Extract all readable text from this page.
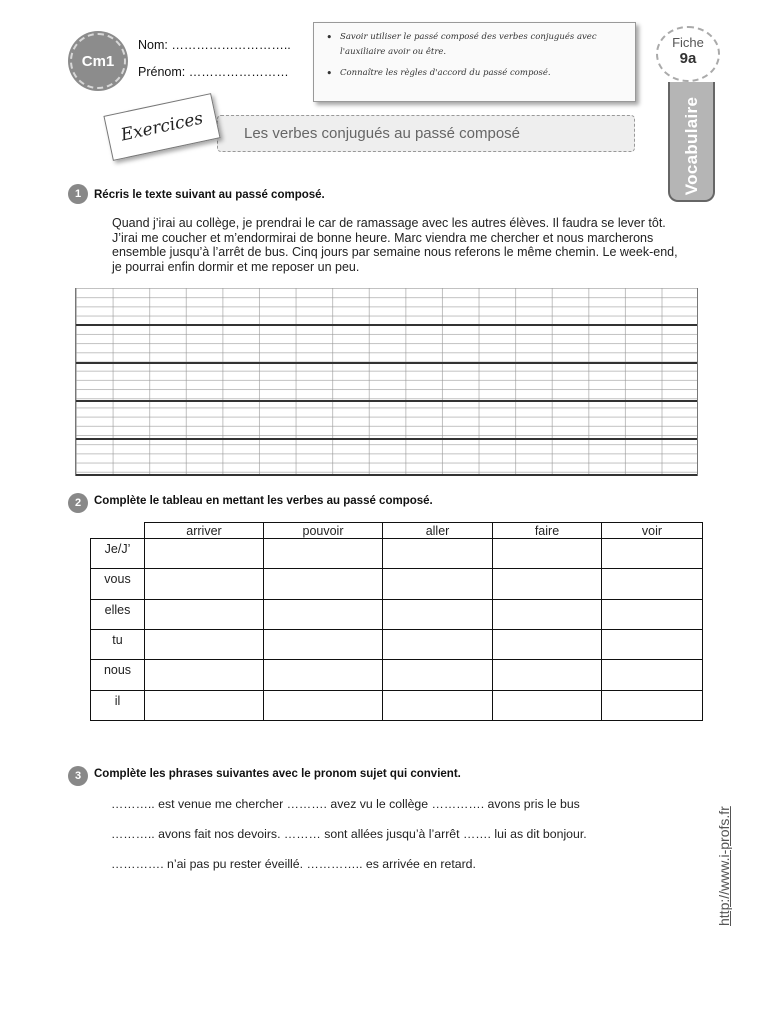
Cm1
Nom: ………………………..
Prénom: ……………………
• Savoir utiliser le passé composé des verbes conjugués avec l'auxiliaire avoir ou être.
• Connaître les règles d'accord du passé composé.
Fiche
9a
Vocabulaire
Les verbes conjugués au passé composé
Exercices
1	Récris le texte suivant au passé composé.
Quand j’irai au collège, je prendrai le car de ramassage avec les autres élèves. Il faudra se lever tôt. J’irai me coucher et m’endormirai de bonne heure. Marc viendra me chercher et nous marcherons ensemble jusqu’à l’arrêt de bus. Cinq jours par semaine nous referons le même chemin. Le week-end, je pourrai enfin dormir et me reposer un peu.
2	Complète le tableau en mettant les verbes au passé composé.
	arriver	pouvoir	aller	faire	voir
Je/J’					
vous					
elles					
tu					
nous					
il					
3	Complète les phrases suivantes avec le pronom sujet qui convient.
……….. est venue me chercher ………. avez vu le collège …………. avons pris le bus
……….. avons fait nos devoirs. ……… sont allées jusqu’à l’arrêt ……. lui as dit bonjour.
…………. n’ai pas pu rester éveillé. ………….. es arrivée en retard.	http://www.i-profs.fr
